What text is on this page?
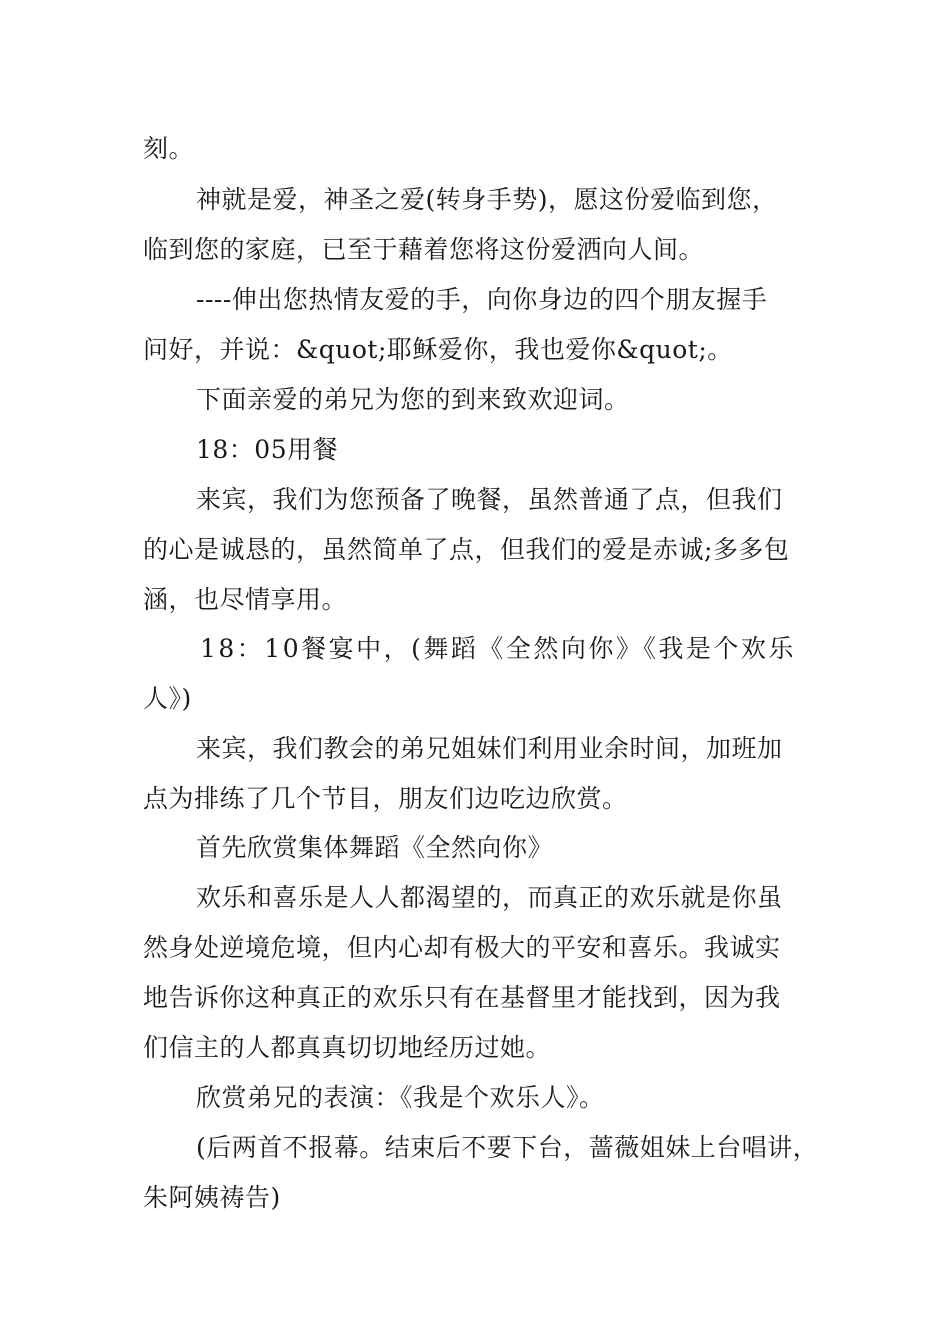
刻。
神就是爱，神圣之爱(转身手势)，愿这份爱临到您，
临到您的家庭，已至于藉着您将这份爱洒向人间。
----伸出您热情友爱的手，向你身边的四个朋友握手
问好，并说：&quot;耶稣爱你，我也爱你&quot;。
下面亲爱的弟兄为您的到来致欢迎词。
18：05用餐
来宾，我们为您预备了晚餐，虽然普通了点，但我们
的心是诚恳的，虽然简单了点，但我们的爱是赤诚;多多包
涵，也尽情享用。
18：10餐宴中，(舞蹈《全然向你》《我是个欢乐
人》)
来宾，我们教会的弟兄姐妹们利用业余时间，加班加
点为排练了几个节目，朋友们边吃边欣赏。
首先欣赏集体舞蹈《全然向你》
欢乐和喜乐是人人都渴望的，而真正的欢乐就是你虽
然身处逆境危境，但内心却有极大的平安和喜乐。我诚实
地告诉你这种真正的欢乐只有在基督里才能找到，因为我
们信主的人都真真切切地经历过她。
欣赏弟兄的表演：《我是个欢乐人》。
(后两首不报幕。结束后不要下台，蔷薇姐妹上台唱讲，
朱阿姨祷告)
